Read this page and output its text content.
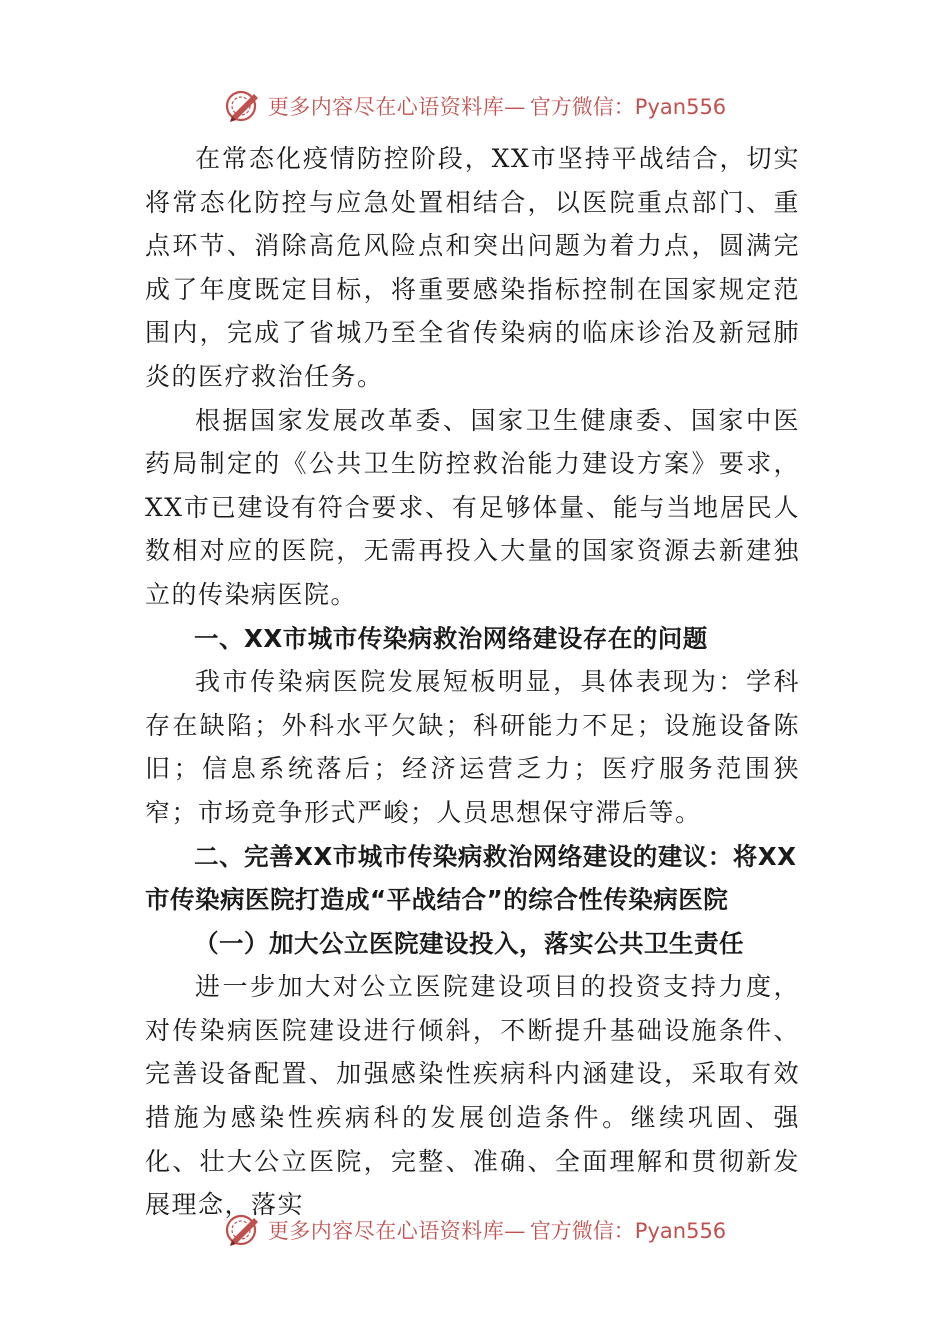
更多内容尽在心语资料库— 官方微信：Pyan556

在常态化疫情防控阶段，XX市坚持平战结合，切实将常态化防控与应急处置相结合，以医院重点部门、重点环节、消除高危风险点和突出问题为着力点，圆满完成了年度既定目标，将重要感染指标控制在国家规定范围内，完成了省城乃至全省传染病的临床诊治及新冠肺炎的医疗救治任务。

根据国家发展改革委、国家卫生健康委、国家中医药局制定的《公共卫生防控救治能力建设方案》要求，XX市已建设有符合要求、有足够体量、能与当地居民人数相对应的医院，无需再投入大量的国家资源去新建独立的传染病医院。

一、XX市城市传染病救治网络建设存在的问题

我市传染病医院发展短板明显，具体表现为：学科存在缺陷；外科水平欠缺；科研能力不足；设施设备陈旧；信息系统落后；经济运营乏力；医疗服务范围狭窄；市场竞争形式严峻；人员思想保守滞后等。

二、完善XX市城市传染病救治网络建设的建议：将XX市传染病医院打造成“平战结合”的综合性传染病医院

（一）加大公立医院建设投入，落实公共卫生责任

进一步加大对公立医院建设项目的投资支持力度，对传染病医院建设进行倾斜，不断提升基础设施条件、完善设备配置、加强感染性疾病科内涵建设，采取有效措施为感染性疾病科的发展创造条件。继续巩固、强化、壮大公立医院，完整、准确、全面理解和贯彻新发展理念，落实

更多内容尽在心语资料库— 官方微信：Pyan556
